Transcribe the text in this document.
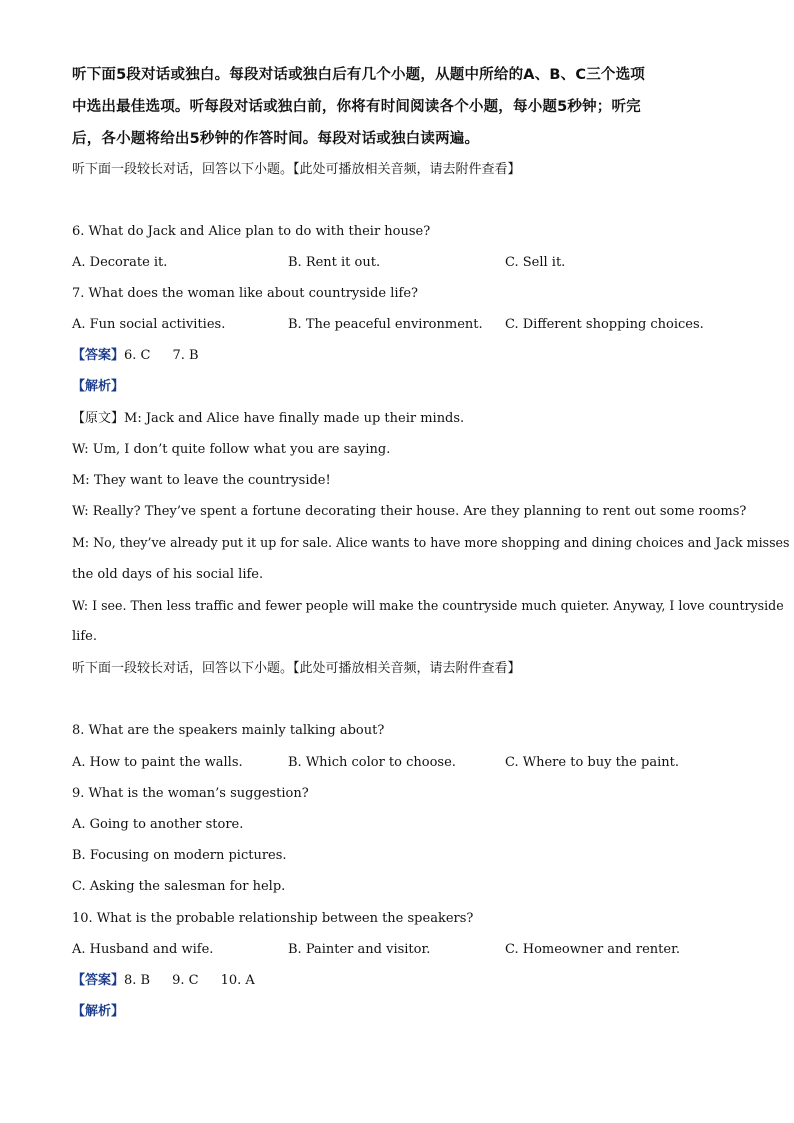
听下面5段对话或独白。每段对话或独白后有几个小题，从题中所给的A、B、C三个选项
中选出最佳选项。听每段对话或独白前，你将有时间阅读各个小题，每小题5秒钟；听完
后，各小题将给出5秒钟的作答时间。每段对话或独白读两遍。
听下面一段较长对话，回答以下小题。【此处可播放相关音频，请去附件查看】
6. What do Jack and Alice plan to do with their house?
A. Decorate it.	B. Rent it out.	C. Sell it.
7. What does the woman like about countryside life?
A. Fun social activities.	B. The peaceful environment. C. Different shopping choices.
【答案】6. C 7. B
【解析】
【原文】M: Jack and Alice have finally made up their minds.
W: Um, I don’t quite follow what you are saying.
M: They want to leave the countryside!
W: Really? They’ve spent a fortune decorating their house. Are they planning to rent out some rooms?
M: No, they’ve already put it up for sale. Alice wants to have more shopping and dining choices and Jack misses
the old days of his social life.
W: I see. Then less traffic and fewer people will make the countryside much quieter. Anyway, I love countryside
life.
听下面一段较长对话，回答以下小题。【此处可播放相关音频，请去附件查看】
8. What are the speakers mainly talking about?
A. How to paint the walls.	B. Which color to choose.	C. Where to buy the paint.
9. What is the woman’s suggestion?
A. Going to another store.
B. Focusing on modern pictures.
C. Asking the salesman for help.
10. What is the probable relationship between the speakers?
A. Husband and wife.	B. Painter and visitor.	C. Homeowner and renter.
【答案】8. B 9. C 10. A
【解析】
